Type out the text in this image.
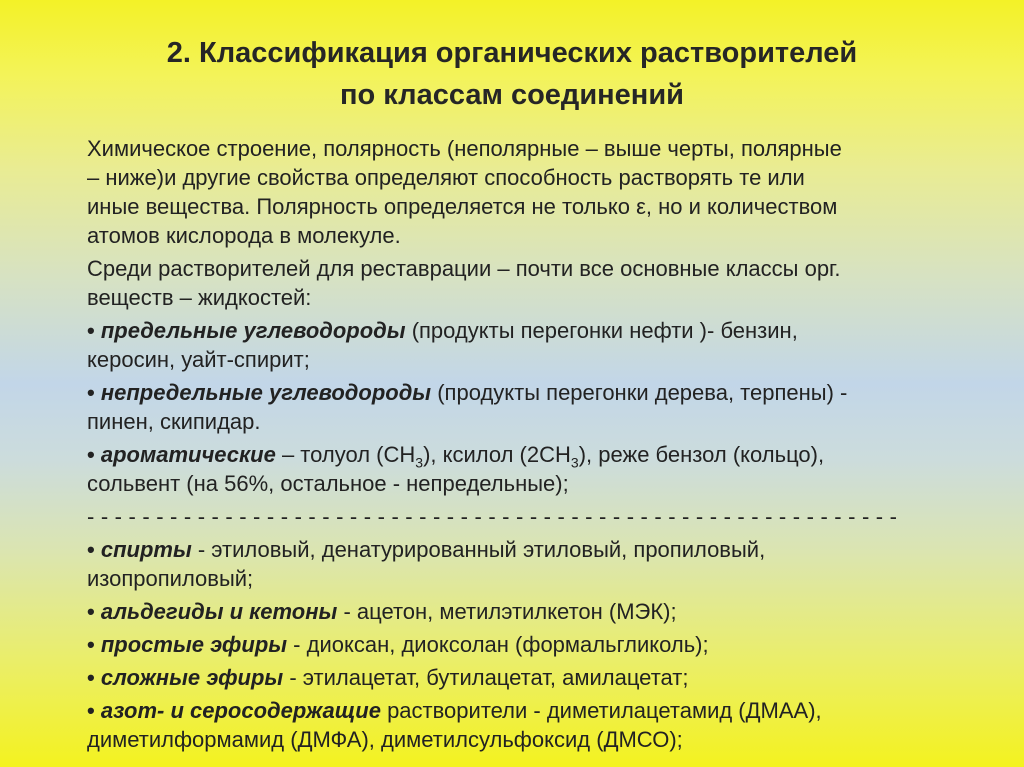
2. Классификация органических растворителей
по классам соединений
Химическое строение, полярность (неполярные – выше черты, полярные
– ниже)и другие свойства определяют способность растворять те или
иные вещества. Полярность определяется не только ε, но и количеством
атомов кислорода в молекуле.
Среди растворителей для реставрации – почти все основные классы орг.
веществ – жидкостей:
• предельные углеводороды (продукты перегонки нефти )- бензин,
керосин, уайт-спирит;
• непредельные углеводороды (продукты перегонки дерева, терпены) -
пинен, скипидар.
• ароматические – толуол $(СН_3)$, ксилол $(2СН_3)$, реже бензол (кольцо),
сольвент (на 56%, остальное - непредельные);
- - - - - - - - - - - - - - - - - - - - - - - - - - - - - - - - - - - - - - - - - - - - - - - - - - - - - - - - - - -
• спирты - этиловый, денатурированный этиловый, пропиловый,
изопропиловый;
• альдегиды и кетоны - ацетон, метилэтилкетон (МЭК);
• простые эфиры - диоксан, диоксолан (формальгликоль);
• сложные эфиры - этилацетат, бутилацетат, амилацетат;
• азот- и серосодержащие растворители - диметилацетамид (ДМАА),
диметилформамид (ДМФА), диметилсульфоксид (ДМСО);
